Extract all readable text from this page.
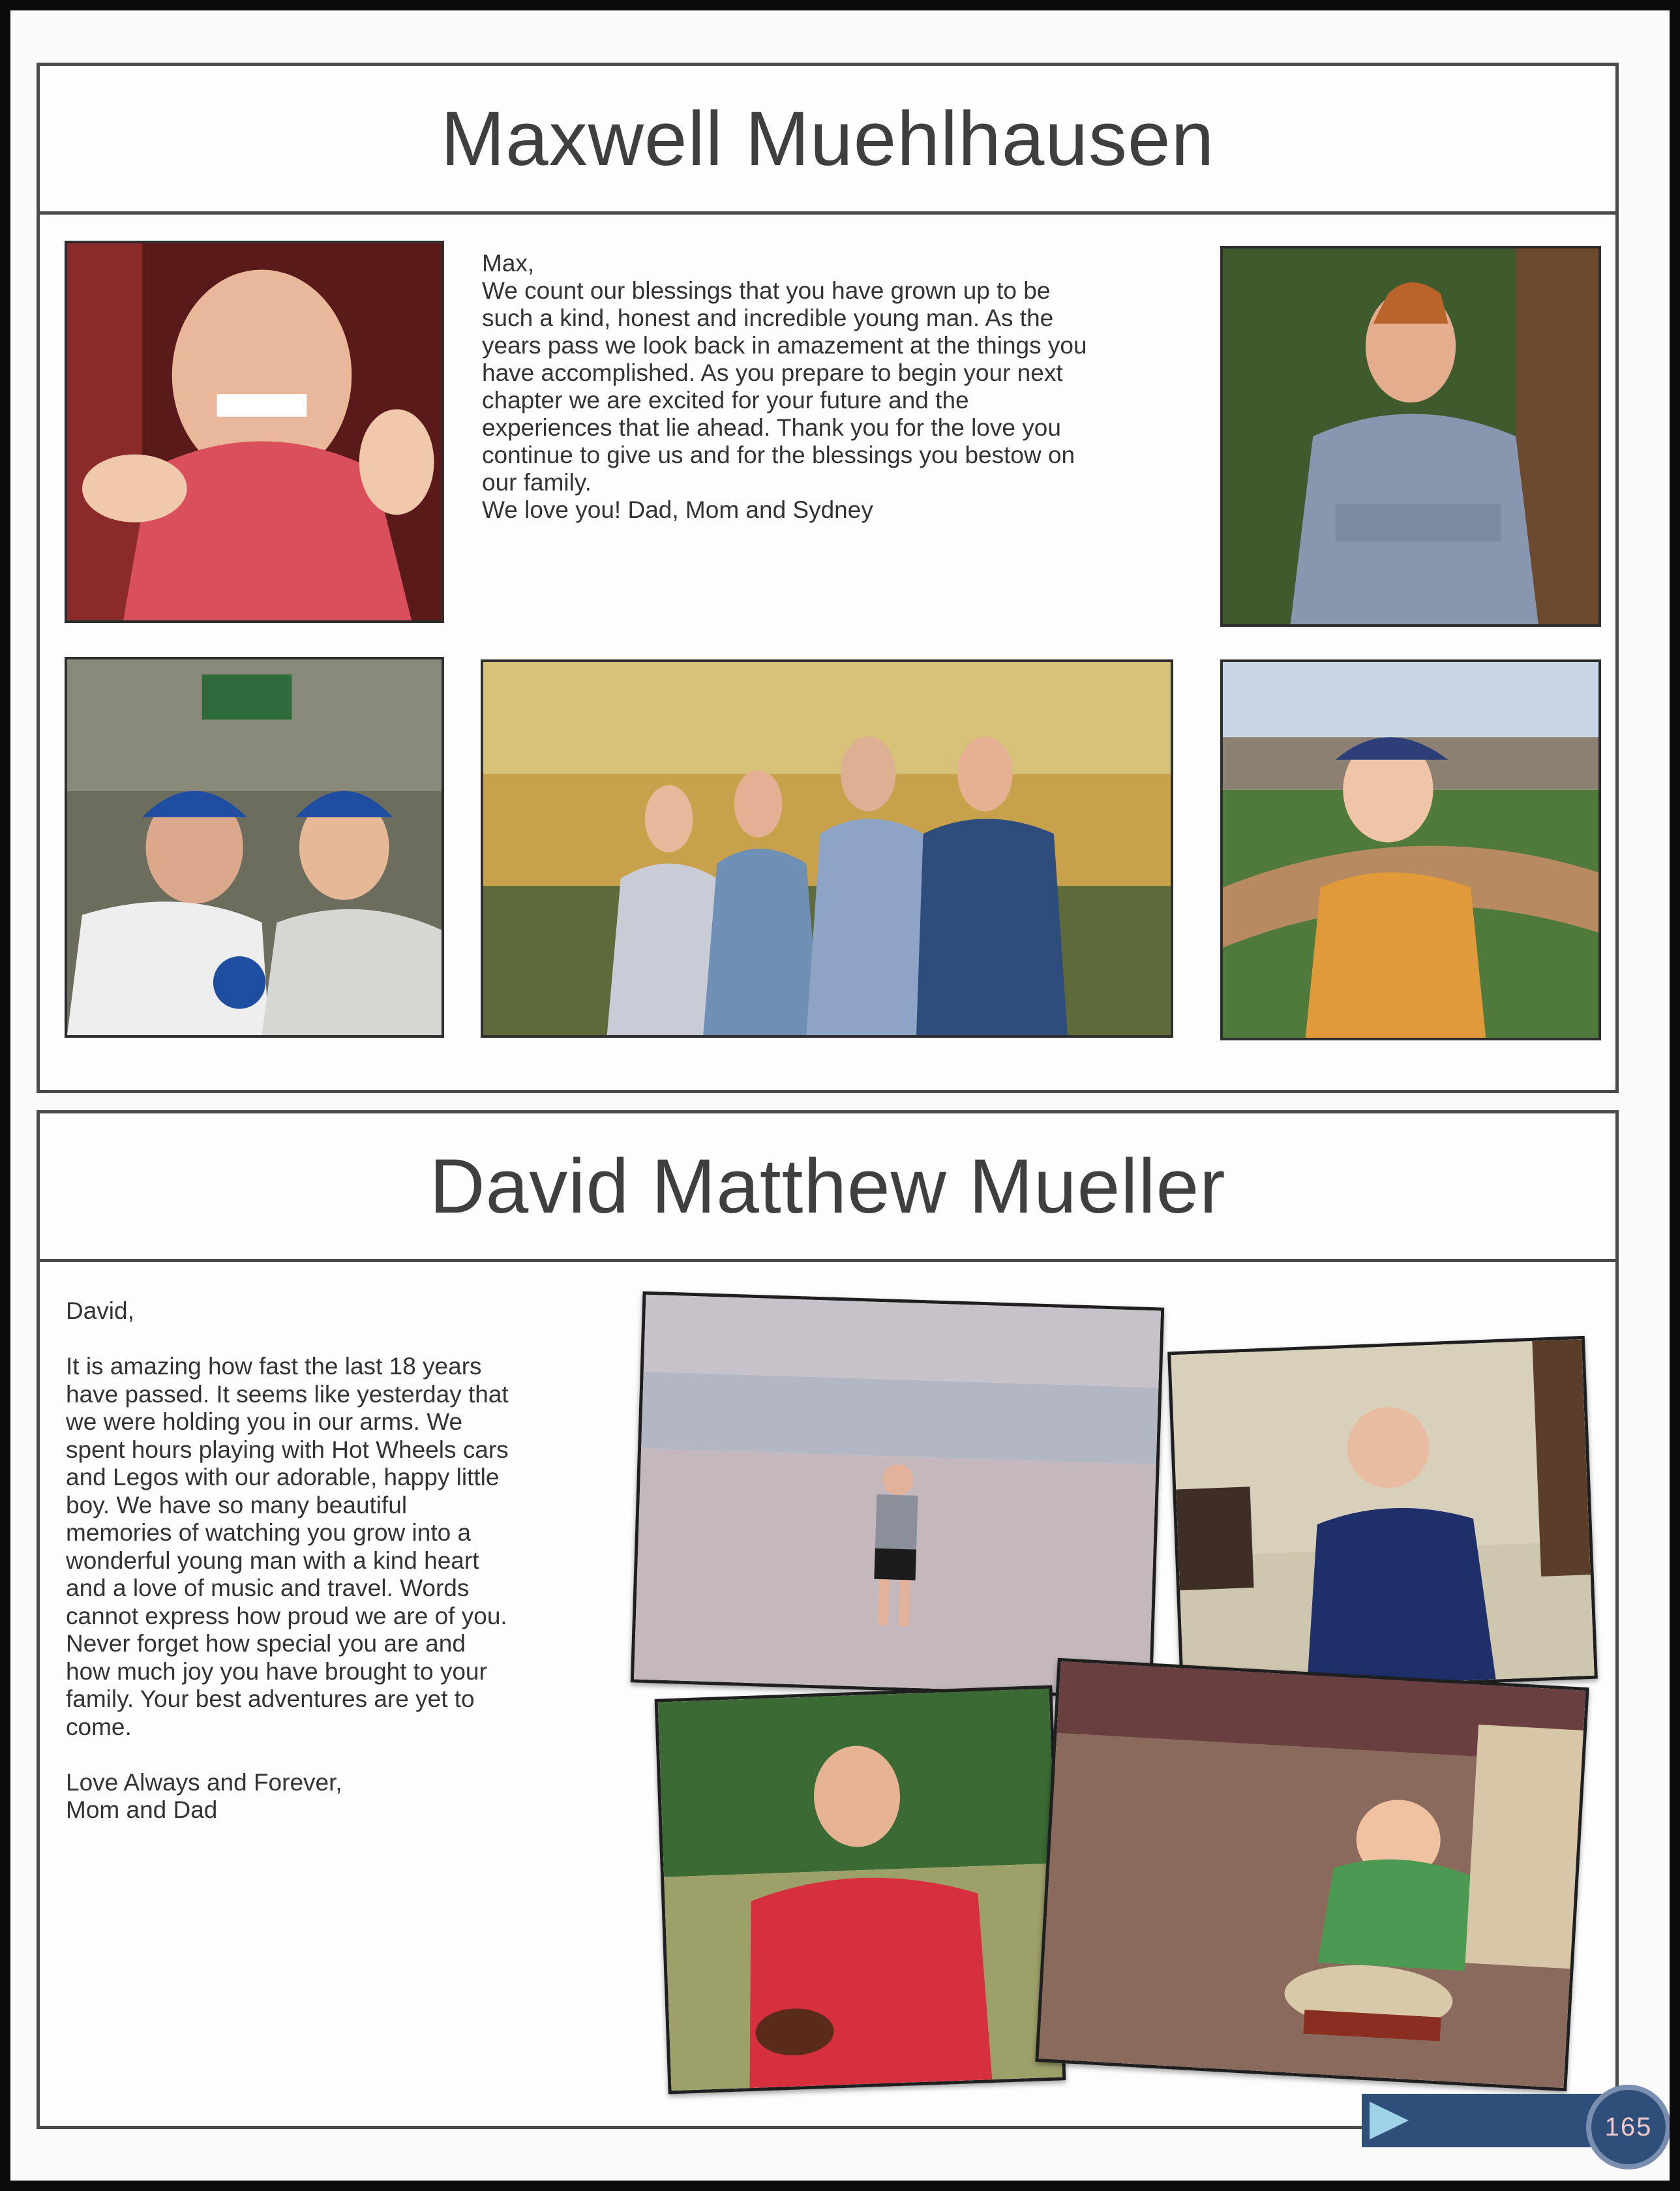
Maxwell Muehlhausen
Max,
We count our blessings that you have grown up to be
such a kind, honest and incredible young man. As the
years pass we look back in amazement at the things you
have accomplished. As you prepare to begin your next
chapter we are excited for your future and the
experiences that lie ahead. Thank you for the love you
continue to give us and for the blessings you bestow on
our family.
We love you! Dad, Mom and Sydney
David Matthew Mueller
David,

It is amazing how fast the last 18 years
have passed. It seems like yesterday that
we were holding you in our arms. We
spent hours playing with Hot Wheels cars
and Legos with our adorable, happy little
boy. We have so many beautiful
memories of watching you grow into a
wonderful young man with a kind heart
and a love of music and travel. Words
cannot express how proud we are of you.
Never forget how special you are and
how much joy you have brought to your
family. Your best adventures are yet to
come.

Love Always and Forever,
Mom and Dad
165
